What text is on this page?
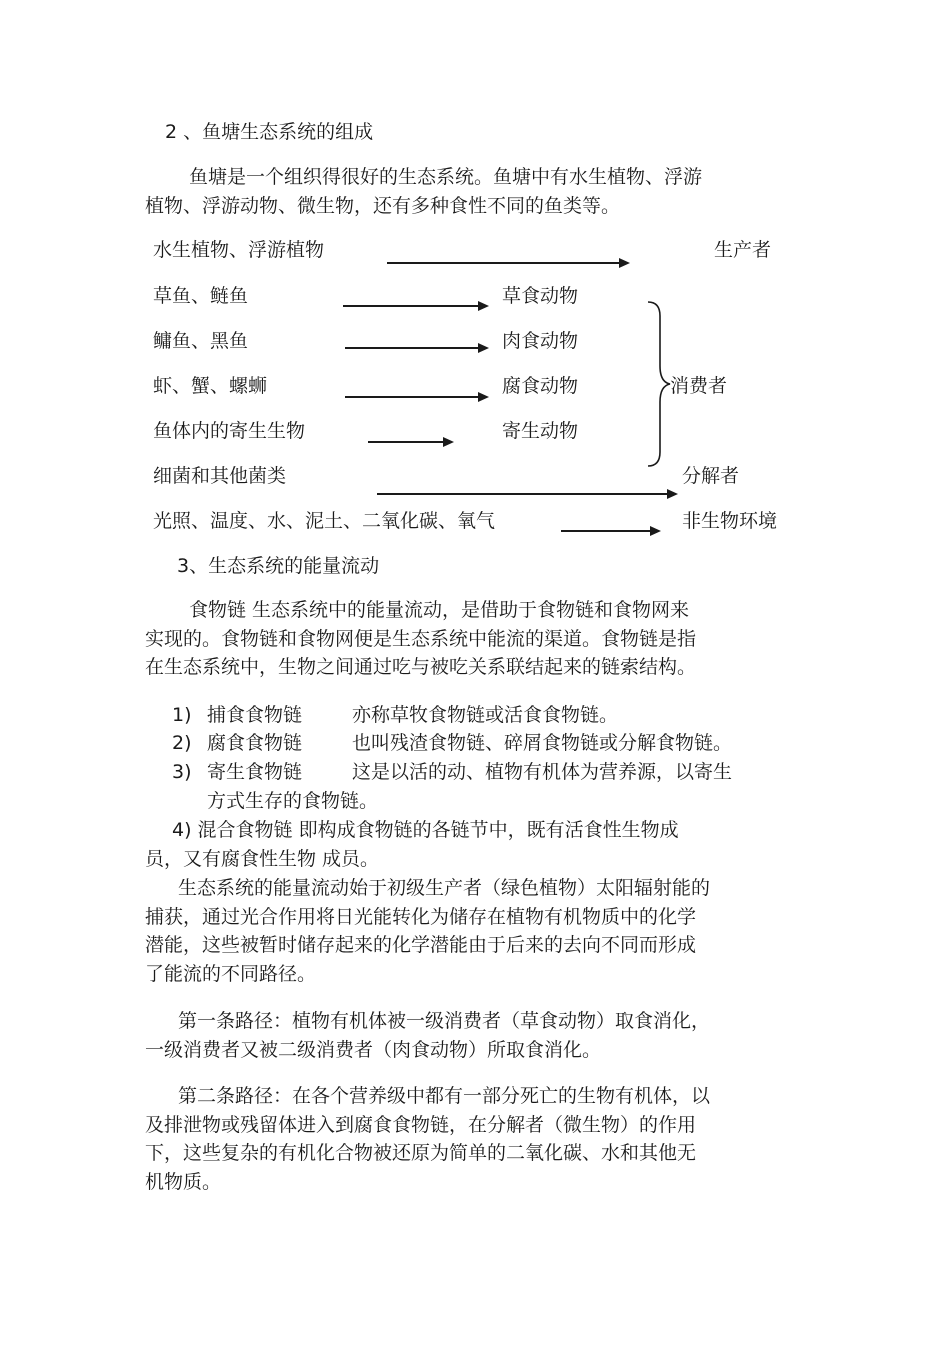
2 、鱼塘生态系统的组成
鱼塘是一个组织得很好的生态系统。鱼塘中有水生植物、浮游
植物、浮游动物、微生物，还有多种食性不同的鱼类等。
水生植物、浮游植物	生产者
草鱼、鲢鱼	草食动物
鳙鱼、黑鱼	肉食动物
虾、蟹、螺蛳	腐食动物
鱼体内的寄生生物	寄生动物
消费者
细菌和其他菌类	分解者
光照、温度、水、泥土、二氧化碳、氧气	非生物环境
3、生态系统的能量流动
食物链 生态系统中的能量流动，是借助于食物链和食物网来
实现的。食物链和食物网便是生态系统中能流的渠道。食物链是指
在生态系统中，生物之间通过吃与被吃关系联结起来的链索结构。
1) 捕食食物链	亦称草牧食物链或活食食物链。
2) 腐食食物链	也叫残渣食物链、碎屑食物链或分解食物链。
3) 寄生食物链	这是以活的动、植物有机体为营养源，以寄生
方式生存的食物链。
4) 混合食物链 即构成食物链的各链节中，既有活食性生物成
员，又有腐食性生物 成员。
生态系统的能量流动始于初级生产者（绿色植物）太阳辐射能的
捕获，通过光合作用将日光能转化为储存在植物有机物质中的化学
潜能，这些被暂时储存起来的化学潜能由于后来的去向不同而形成
了能流的不同路径。
第一条路径：植物有机体被一级消费者（草食动物）取食消化，
一级消费者又被二级消费者（肉食动物）所取食消化。
第二条路径：在各个营养级中都有一部分死亡的生物有机体，以
及排泄物或残留体进入到腐食食物链，在分解者（微生物）的作用
下，这些复杂的有机化合物被还原为简单的二氧化碳、水和其他无
机物质。
